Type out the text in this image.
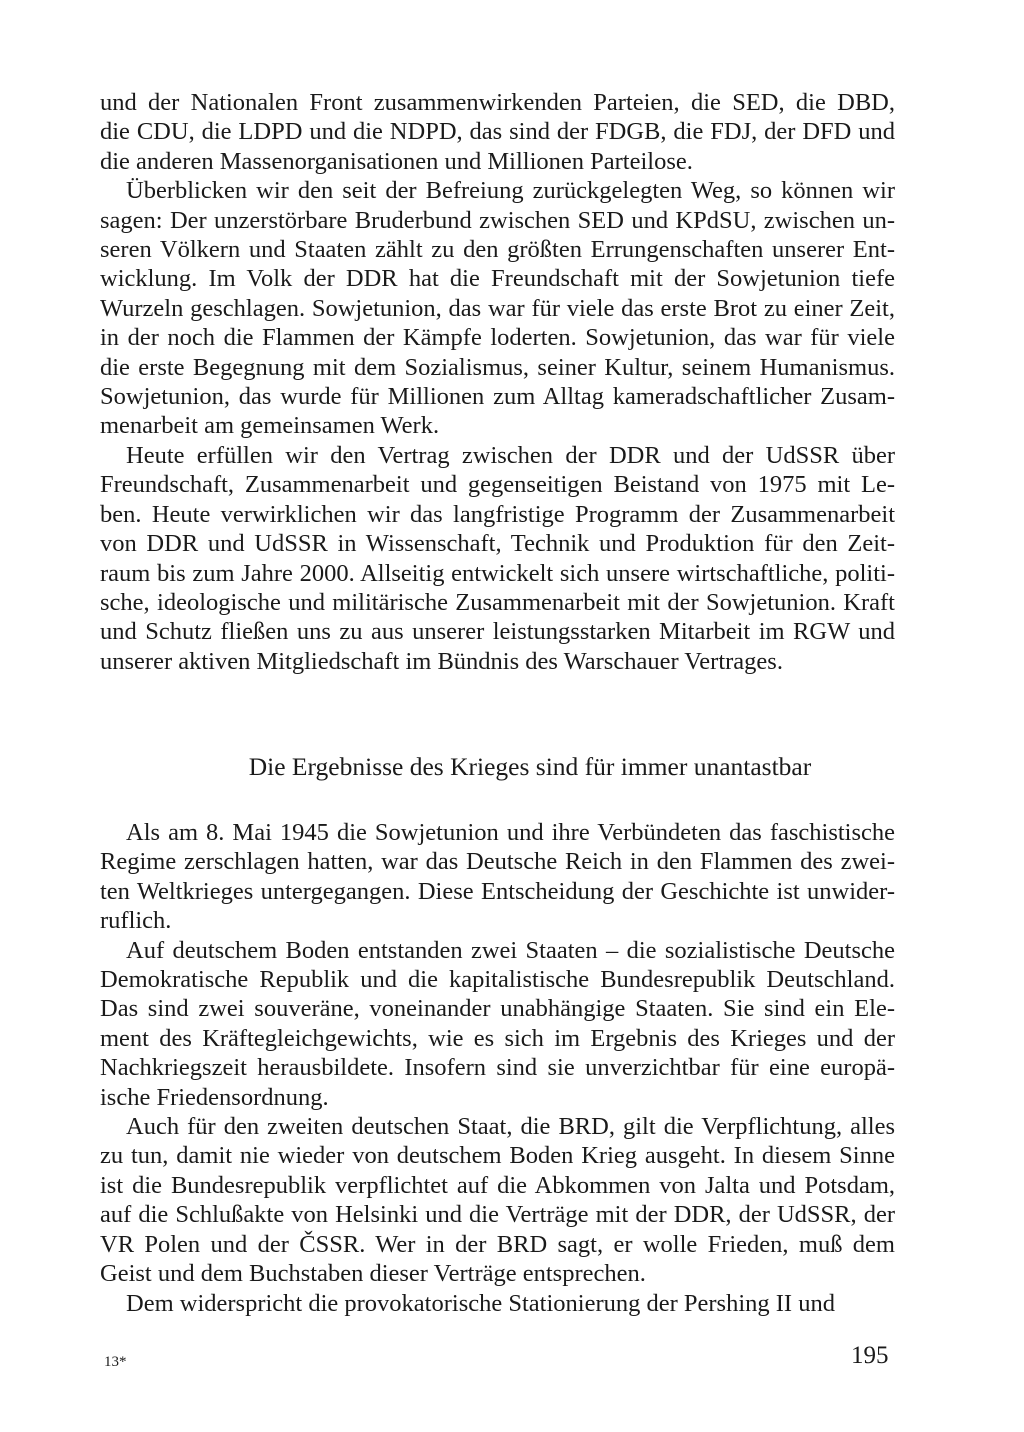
und der Nationalen Front zusammenwirkenden Parteien, die SED, die DBD,
die CDU, die LDPD und die NDPD, das sind der FDGB, die FDJ, der DFD und
die anderen Massenorganisationen und Millionen Parteilose.
Überblicken wir den seit der Befreiung zurückgelegten Weg, so können wir
sagen: Der unzerstörbare Bruderbund zwischen SED und KPdSU, zwischen un-
seren Völkern und Staaten zählt zu den größten Errungenschaften unserer Ent-
wicklung. Im Volk der DDR hat die Freundschaft mit der Sowjetunion tiefe
Wurzeln geschlagen. Sowjetunion, das war für viele das erste Brot zu einer Zeit,
in der noch die Flammen der Kämpfe loderten. Sowjetunion, das war für viele
die erste Begegnung mit dem Sozialismus, seiner Kultur, seinem Humanismus.
Sowjetunion, das wurde für Millionen zum Alltag kameradschaftlicher Zusam-
menarbeit am gemeinsamen Werk.
Heute erfüllen wir den Vertrag zwischen der DDR und der UdSSR über
Freundschaft, Zusammenarbeit und gegenseitigen Beistand von 1975 mit Le-
ben. Heute verwirklichen wir das langfristige Programm der Zusammenarbeit
von DDR und UdSSR in Wissenschaft, Technik und Produktion für den Zeit-
raum bis zum Jahre 2000. Allseitig entwickelt sich unsere wirtschaftliche, politi-
sche, ideologische und militärische Zusammenarbeit mit der Sowjetunion. Kraft
und Schutz fließen uns zu aus unserer leistungsstarken Mitarbeit im RGW und
unserer aktiven Mitgliedschaft im Bündnis des Warschauer Vertrages.
Die Ergebnisse des Krieges sind für immer unantastbar
Als am 8. Mai 1945 die Sowjetunion und ihre Verbündeten das faschistische
Regime zerschlagen hatten, war das Deutsche Reich in den Flammen des zwei-
ten Weltkrieges untergegangen. Diese Entscheidung der Geschichte ist unwider-
ruflich.
Auf deutschem Boden entstanden zwei Staaten – die sozialistische Deutsche
Demokratische Republik und die kapitalistische Bundesrepublik Deutschland.
Das sind zwei souveräne, voneinander unabhängige Staaten. Sie sind ein Ele-
ment des Kräftegleichgewichts, wie es sich im Ergebnis des Krieges und der
Nachkriegszeit herausbildete. Insofern sind sie unverzichtbar für eine europä-
ische Friedensordnung.
Auch für den zweiten deutschen Staat, die BRD, gilt die Verpflichtung, alles
zu tun, damit nie wieder von deutschem Boden Krieg ausgeht. In diesem Sinne
ist die Bundesrepublik verpflichtet auf die Abkommen von Jalta und Potsdam,
auf die Schlußakte von Helsinki und die Verträge mit der DDR, der UdSSR, der
VR Polen und der ČSSR. Wer in der BRD sagt, er wolle Frieden, muß dem
Geist und dem Buchstaben dieser Verträge entsprechen.
Dem widerspricht die provokatorische Stationierung der Pershing II und
13*	195
